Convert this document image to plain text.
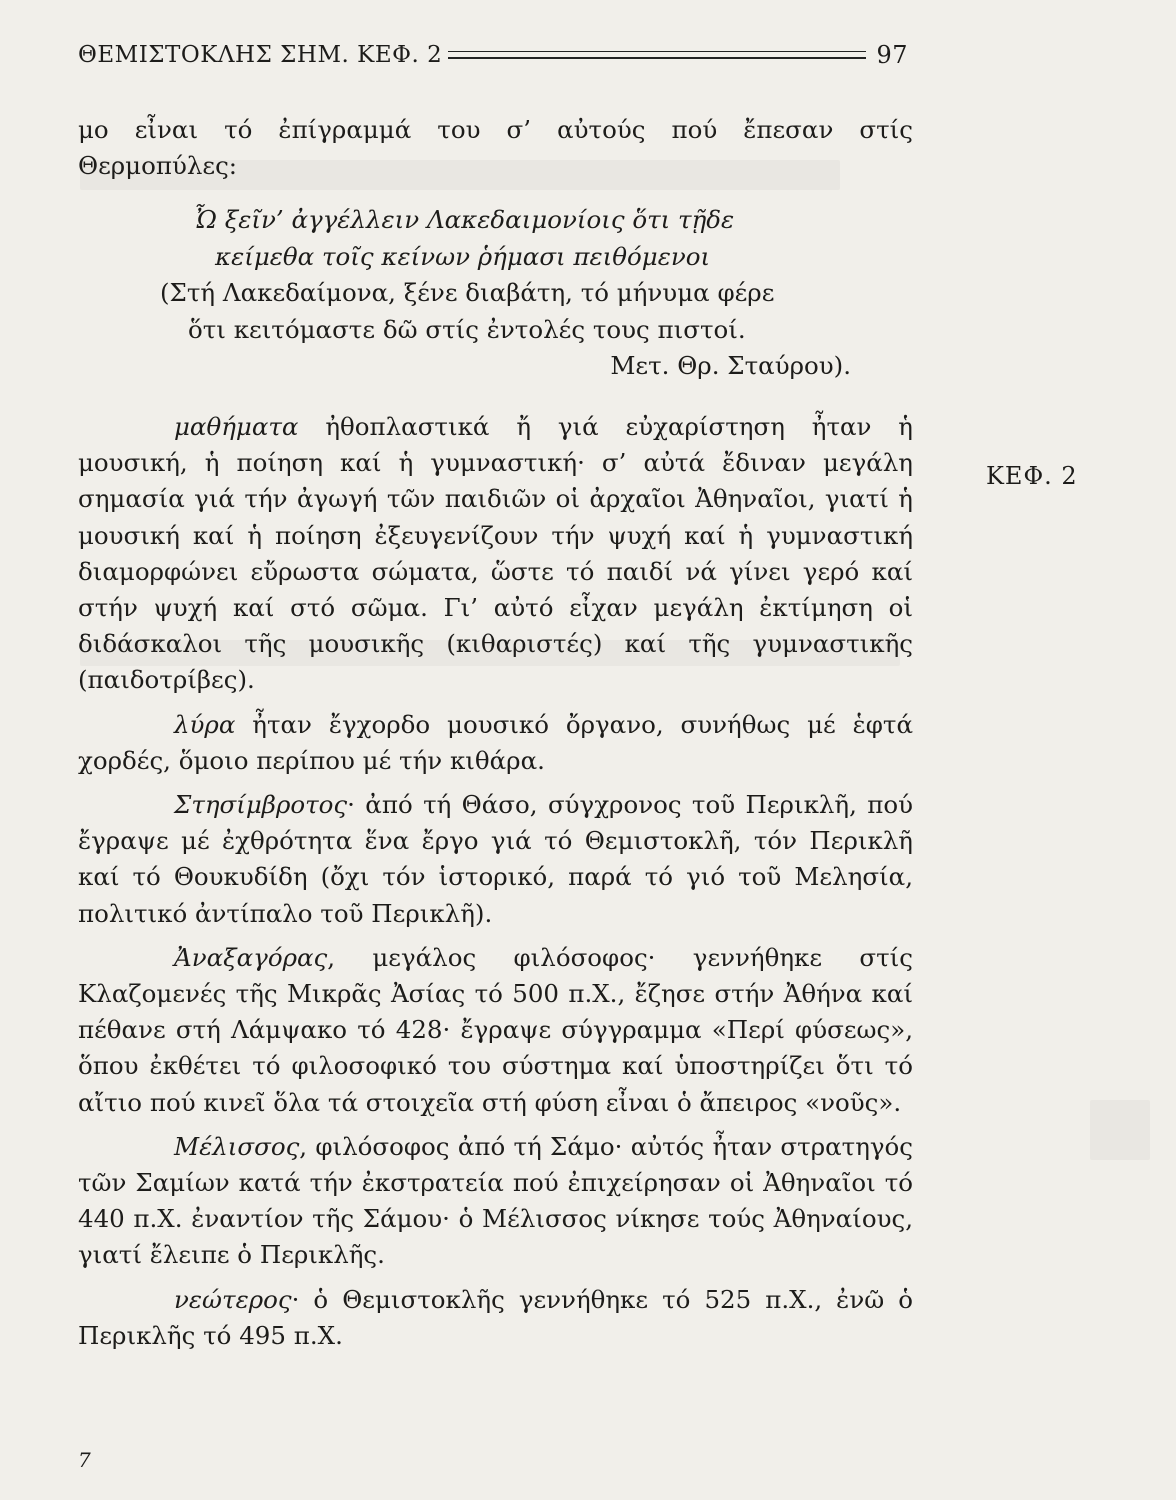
ΘΕΜΙΣΤΟΚΛΗΣ ΣΗΜ. ΚΕΦ. 2	97

μο εἶναι τό ἐπίγραμμά του σ’ αὐτούς πού ἔπεσαν στίς Θερμοπύλες:

Ὦ ξεῖν’ ἀγγέλλειν Λακεδαιμονίοις ὅτι τῇδε
κείμεθα τοῖς κείνων ῥήμασι πειθόμενοι
(Στή Λακεδαίμονα, ξένε διαβάτη, τό μήνυμα φέρε
ὅτι κειτόμαστε δῶ στίς ἐντολές τους πιστοί.
Μετ. Θρ. Σταύρου).

μαθήματα ἠθοπλαστικά ἤ γιά εὐχαρίστηση ἦταν ἡ μουσική, ἡ ποίηση καί ἡ γυμναστική· σ’ αὐτά ἔδιναν μεγάλη σημασία γιά τήν ἀγωγή τῶν παιδιῶν οἱ ἀρχαῖοι Ἀθηναῖοι, γιατί ἡ μουσική καί ἡ ποίηση ἐξευγενίζουν τήν ψυχή καί ἡ γυμναστική διαμορφώνει εὔρωστα σώματα, ὥστε τό παιδί νά γίνει γερό καί στήν ψυχή καί στό σῶμα. Γι’ αὐτό εἶχαν μεγάλη ἐκτίμηση οἱ διδάσκαλοι τῆς μουσικῆς (κιθαριστές) καί τῆς γυμναστικῆς (παιδοτρίβες).

λύρα ἦταν ἔγχορδο μουσικό ὄργανο, συνήθως μέ ἑφτά χορδές, ὅμοιο περίπου μέ τήν κιθάρα.

Στησίμβροτος· ἀπό τή Θάσο, σύγχρονος τοῦ Περικλῆ, πού ἔγραψε μέ ἐχθρότητα ἕνα ἔργο γιά τό Θεμιστοκλῆ, τόν Περικλῆ καί τό Θουκυδίδη (ὄχι τόν ἱστορικό, παρά τό γιό τοῦ Μελησία, πολιτικό ἀντίπαλο τοῦ Περικλῆ).

Ἀναξαγόρας, μεγάλος φιλόσοφος· γεννήθηκε στίς Κλαζομενές τῆς Μικρᾶς Ἀσίας τό 500 π.Χ., ἔζησε στήν Ἀθήνα καί πέθανε στή Λάμψακο τό 428· ἔγραψε σύγγραμμα «Περί φύσεως», ὅπου ἐκθέτει τό φιλοσοφικό του σύστημα καί ὑποστηρίζει ὅτι τό αἴτιο πού κινεῖ ὅλα τά στοιχεῖα στή φύση εἶναι ὁ ἄπειρος «νοῦς».

Μέλισσος, φιλόσοφος ἀπό τή Σάμο· αὐτός ἦταν στρατηγός τῶν Σαμίων κατά τήν ἐκστρατεία πού ἐπιχείρησαν οἱ Ἀθηναῖοι τό 440 π.Χ. ἐναντίον τῆς Σάμου· ὁ Μέλισσος νίκησε τούς Ἀθηναίους, γιατί ἔλειπε ὁ Περικλῆς.

νεώτερος· ὁ Θεμιστοκλῆς γεννήθηκε τό 525 π.Χ., ἐνῶ ὁ Περικλῆς τό 495 π.Χ.

ΚΕΦ. 2
7
